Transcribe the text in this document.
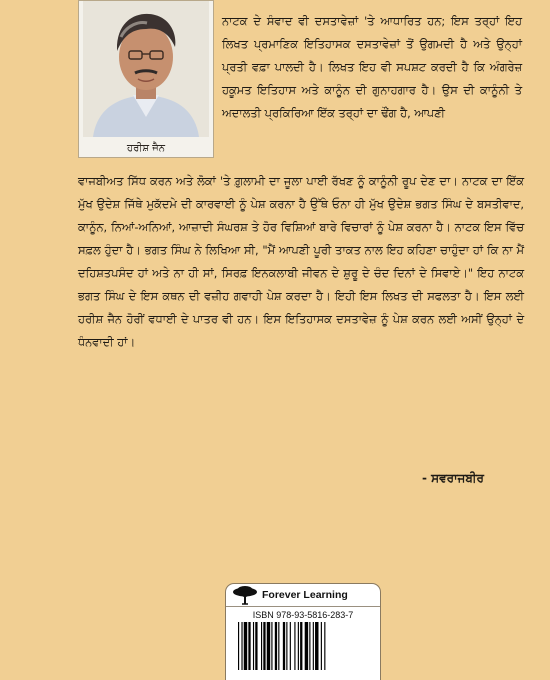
ਹਰੀਸ਼ ਜੈਨ

ਨਾਟਕ ਦੇ ਸੰਵਾਦ ਵੀ ਦਸਤਾਵੇਜ਼ਾਂ 'ਤੇ ਆਧਾਰਿਤ ਹਨ; ਇਸ ਤਰ੍ਹਾਂ ਇਹ ਲਿਖਤ ਪ੍ਰਮਾਣਿਕ ਇਤਿਹਾਸਕ ਦਸਤਾਵੇਜ਼ਾਂ ਤੋਂ ਉਗਮਦੀ ਹੈ ਅਤੇ ਉਨ੍ਹਾਂ ਪ੍ਰਤੀ ਵਫ਼ਾ ਪਾਲਦੀ ਹੈ। ਲਿਖਤ ਇਹ ਵੀ ਸਪਸ਼ਟ ਕਰਦੀ ਹੈ ਕਿ ਅੰਗਰੇਜ਼ ਹਕੂਮਤ ਇਤਿਹਾਸ ਅਤੇ ਕਾਨੂੰਨ ਦੀ ਗੁਨਾਹਗਾਰ ਹੈ। ਉਸ ਦੀ ਕਾਨੂੰਨੀ ਤੇ ਅਦਾਲਤੀ ਪ੍ਰਕਿਰਿਆ ਇੱਕ ਤਰ੍ਹਾਂ ਦਾ ਢੌਂਗ ਹੈ, ਆਪਣੀ

ਵਾਜਬੀਅਤ ਸਿੱਧ ਕਰਨ ਅਤੇ ਲੋਕਾਂ 'ਤੇ ਗ਼ੁਲਾਮੀ ਦਾ ਜੂਲਾ ਪਾਈ ਰੱਖਣ ਨੂੰ ਕਾਨੂੰਨੀ ਰੂਪ ਦੇਣ ਦਾ। ਨਾਟਕ ਦਾ ਇੱਕ ਮੁੱਖ ਉਦੇਸ਼ ਜਿੱਥੇ ਮੁਕੱਦਮੇ ਦੀ ਕਾਰਵਾਈ ਨੂੰ ਪੇਸ਼ ਕਰਨਾ ਹੈ ਉੱਥੇ ਓਨਾ ਹੀ ਮੁੱਖ ਉਦੇਸ਼ ਭਗਤ ਸਿੰਘ ਦੇ ਬਸਤੀਵਾਦ, ਕਾਨੂੰਨ, ਨਿਆਂ-ਅਨਿਆਂ, ਆਜ਼ਾਦੀ ਸੰਘਰਸ਼ ਤੇ ਹੋਰ ਵਿਸ਼ਿਆਂ ਬਾਰੇ ਵਿਚਾਰਾਂ ਨੂੰ ਪੇਸ਼ ਕਰਨਾ ਹੈ। ਨਾਟਕ ਇਸ ਵਿੱਚ ਸਫ਼ਲ ਹੁੰਦਾ ਹੈ। ਭਗਤ ਸਿੰਘ ਨੇ ਲਿਖਿਆ ਸੀ, "ਮੈਂ ਆਪਣੀ ਪੂਰੀ ਤਾਕਤ ਨਾਲ ਇਹ ਕਹਿਣਾ ਚਾਹੁੰਦਾ ਹਾਂ ਕਿ ਨਾ ਮੈਂ ਦਹਿਸ਼ਤਪਸੰਦ ਹਾਂ ਅਤੇ ਨਾ ਹੀ ਸਾਂ, ਸਿਰਫ਼ ਇਨਕਲਾਬੀ ਜੀਵਨ ਦੇ ਸ਼ੁਰੂ ਦੇ ਚੰਦ ਦਿਨਾਂ ਦੇ ਸਿਵਾਏ।" ਇਹ ਨਾਟਕ ਭਗਤ ਸਿੰਘ ਦੇ ਇਸ ਕਥਨ ਦੀ ਵਜ਼ੀਹ ਗਵਾਹੀ ਪੇਸ਼ ਕਰਦਾ ਹੈ। ਇਹੀ ਇਸ ਲਿਖਤ ਦੀ ਸਫਲਤਾ ਹੈ। ਇਸ ਲਈ ਹਰੀਸ਼ ਜੈਨ ਹੋਰੀਂ ਵਧਾਈ ਦੇ ਪਾਤਰ ਵੀ ਹਨ। ਇਸ ਇਤਿਹਾਸਕ ਦਸਤਾਵੇਜ਼ ਨੂੰ ਪੇਸ਼ ਕਰਨ ਲਈ ਅਸੀਂ ਉਨ੍ਹਾਂ ਦੇ ਧੰਨਵਾਦੀ ਹਾਂ।

- ਸਵਰਾਜਬੀਰ
Forever Learning
ISBN 978-93-5816-283-7
